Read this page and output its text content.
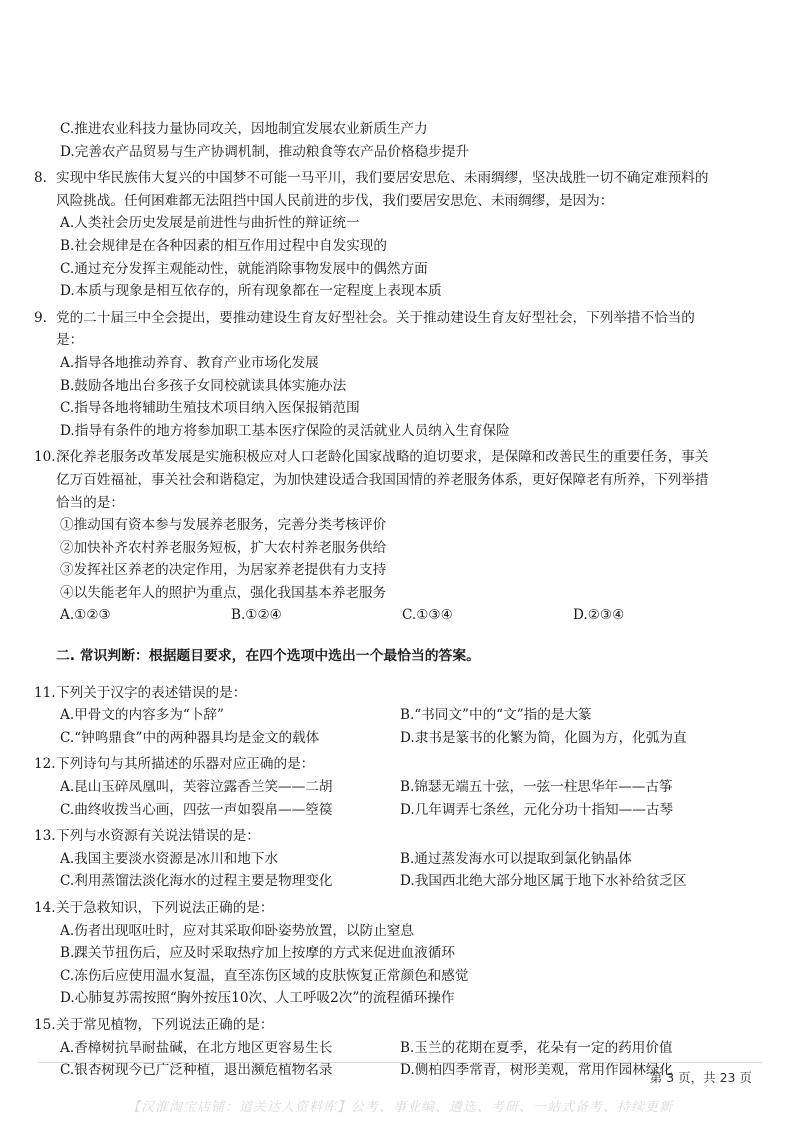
C.推进农业科技力量协同攻关，因地制宜发展农业新质生产力
D.完善农产品贸易与生产协调机制，推动粮食等农产品价格稳步提升
8. 实现中华民族伟大复兴的中国梦不可能一马平川，我们要居安思危、未雨绸缪，坚决战胜一切不确定难预料的
风险挑战。任何困难都无法阻挡中国人民前进的步伐，我们要居安思危、未雨绸缪，是因为：
A.人类社会历史发展是前进性与曲折性的辩证统一
B.社会规律是在各种因素的相互作用过程中自发实现的
C.通过充分发挥主观能动性，就能消除事物发展中的偶然方面
D.本质与现象是相互依存的，所有现象都在一定程度上表现本质
9. 党的二十届三中全会提出，要推动建设生育友好型社会。关于推动建设生育友好型社会，下列举措不恰当的
是：
A.指导各地推动养育、教育产业市场化发展
B.鼓励各地出台多孩子女同校就读具体实施办法
C.指导各地将辅助生殖技术项目纳入医保报销范围
D.指导有条件的地方将参加职工基本医疗保险的灵活就业人员纳入生育保险
10. 深化养老服务改革发展是实施积极应对人口老龄化国家战略的迫切要求，是保障和改善民生的重要任务，事关
亿万百姓福祉，事关社会和谐稳定，为加快建设适合我国国情的养老服务体系，更好保障老有所养，下列举措
恰当的是：
①推动国有资本参与发展养老服务，完善分类考核评价
②加快补齐农村养老服务短板，扩大农村养老服务供给
③发挥社区养老的决定作用，为居家养老提供有力支持
④以失能老年人的照护为重点，强化我国基本养老服务
A.①②③	B.①②④	C.①③④	D.②③④
二. 常识判断：根据题目要求，在四个选项中选出一个最恰当的答案。
11. 下列关于汉字的表述错误的是：
A.甲骨文的内容多为“卜辞”	B.“书同文”中的“文”指的是大篆
C.“钟鸣鼎食”中的两种器具均是金文的载体	D.隶书是篆书的化繁为简，化圆为方，化弧为直
12. 下列诗句与其所描述的乐器对应正确的是：
A.昆山玉碎凤凰叫，芙蓉泣露香兰笑——二胡	B.锦瑟无端五十弦，一弦一柱思华年——古筝
C.曲终收拨当心画，四弦一声如裂帛——箜篌	D.几年调弄七条丝，元化分功十指知——古琴
13. 下列与水资源有关说法错误的是：
A.我国主要淡水资源是冰川和地下水	B.通过蒸发海水可以提取到氯化钠晶体
C.利用蒸馏法淡化海水的过程主要是物理变化	D.我国西北绝大部分地区属于地下水补给贫乏区
14. 关于急救知识，下列说法正确的是：
A.伤者出现呕吐时，应对其采取仰卧姿势放置，以防止窒息
B.踝关节扭伤后，应及时采取热疗加上按摩的方式来促进血液循环
C.冻伤后应使用温水复温，直至冻伤区域的皮肤恢复正常颜色和感觉
D.心肺复苏需按照“胸外按压10次、人工呼吸2次”的流程循环操作
15. 关于常见植物，下列说法正确的是：
A.香樟树抗旱耐盐碱，在北方地区更容易生长	B.玉兰的花期在夏季，花朵有一定的药用价值
C.银杏树现今已广泛种植，退出濒危植物名录	D.侧柏四季常青，树形美观，常用作园林绿化
第 3 页，共 23 页
【汉淮淘宝店铺：道关达人资料库】公考、事业编、遴选、考研、一站式备考、持续更新
